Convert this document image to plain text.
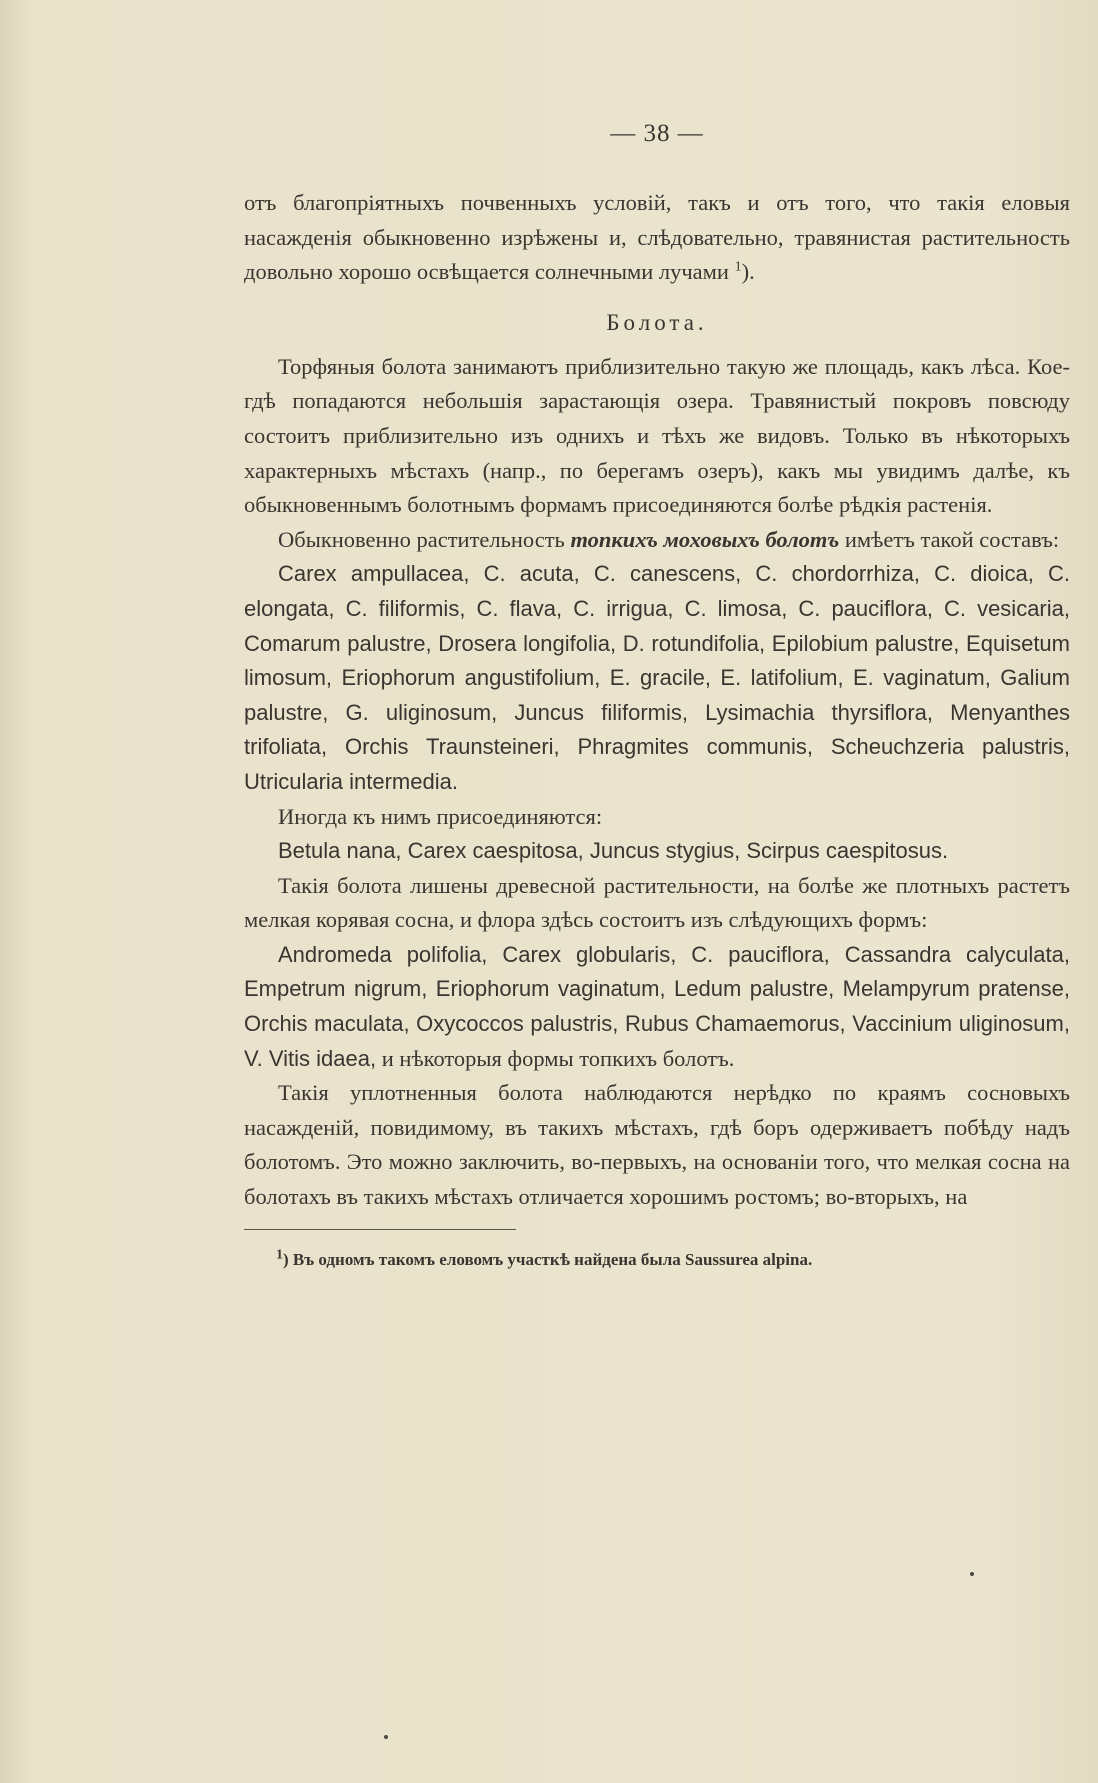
— 38 —

отъ благопріятныхъ почвенныхъ условій, такъ и отъ того, что такія еловыя насажденія обыкновенно изрѣжены и, слѣдовательно, травянистая растительность довольно хорошо освѣщается солнечными лучами $^1$).

Болота.

Торфяныя болота занимаютъ приблизительно такую же площадь, какъ лѣса. Кое-гдѣ попадаются небольшія зарастающія озера. Травянистый покровъ повсюду состоитъ приблизительно изъ однихъ и тѣхъ же видовъ. Только въ нѣкоторыхъ характерныхъ мѣстахъ (напр., по берегамъ озеръ), какъ мы увидимъ далѣе, къ обыкновеннымъ болотнымъ формамъ присоединяются болѣе рѣдкія растенія.

Обыкновенно растительность топкихъ моховыхъ болотъ имѣетъ такой составъ:

Carex ampullacea, C. acuta, C. canescens, C. chordorrhiza, C. dioica, C. elongata, C. filiformis, C. flava, C. irrigua, C. limosa, C. pauciflora, C. vesicaria, Comarum palustre, Drosera longifolia, D. rotundifolia, Epilobium palustre, Equisetum limosum, Eriophorum angustifolium, E. gracile, E. latifolium, E. vaginatum, Galium palustre, G. uliginosum, Juncus filiformis, Lysimachia thyrsiflora, Menyanthes trifoliata, Orchis Traunsteineri, Phragmites communis, Scheuchzeria palustris, Utricularia intermedia.

Иногда къ нимъ присоединяются:

Betula nana, Carex caespitosa, Juncus stygius, Scirpus caespitosus.

Такія болота лишены древесной растительности, на болѣе же плотныхъ растетъ мелкая корявая сосна, и флора здѣсь состоитъ изъ слѣдующихъ формъ:

Andromeda polifolia, Carex globularis, C. pauciflora, Cassandra calyculata, Empetrum nigrum, Eriophorum vaginatum, Ledum palustre, Melampyrum pratense, Orchis maculata, Oxycoccos palustris, Rubus Chamaemorus, Vaccinium uliginosum, V. Vitis idaea, и нѣкоторыя формы топкихъ болотъ.

Такія уплотненныя болота наблюдаются нерѣдко по краямъ сосновыхъ насажденій, повидимому, въ такихъ мѣстахъ, гдѣ боръ одерживаетъ побѣду надъ болотомъ. Это можно заключить, во-первыхъ, на основаніи того, что мелкая сосна на болотахъ въ такихъ мѣстахъ отличается хорошимъ ростомъ; во-вторыхъ, на

$^1$) Въ одномъ такомъ еловомъ участкѣ найдена была Saussurea alpina.
